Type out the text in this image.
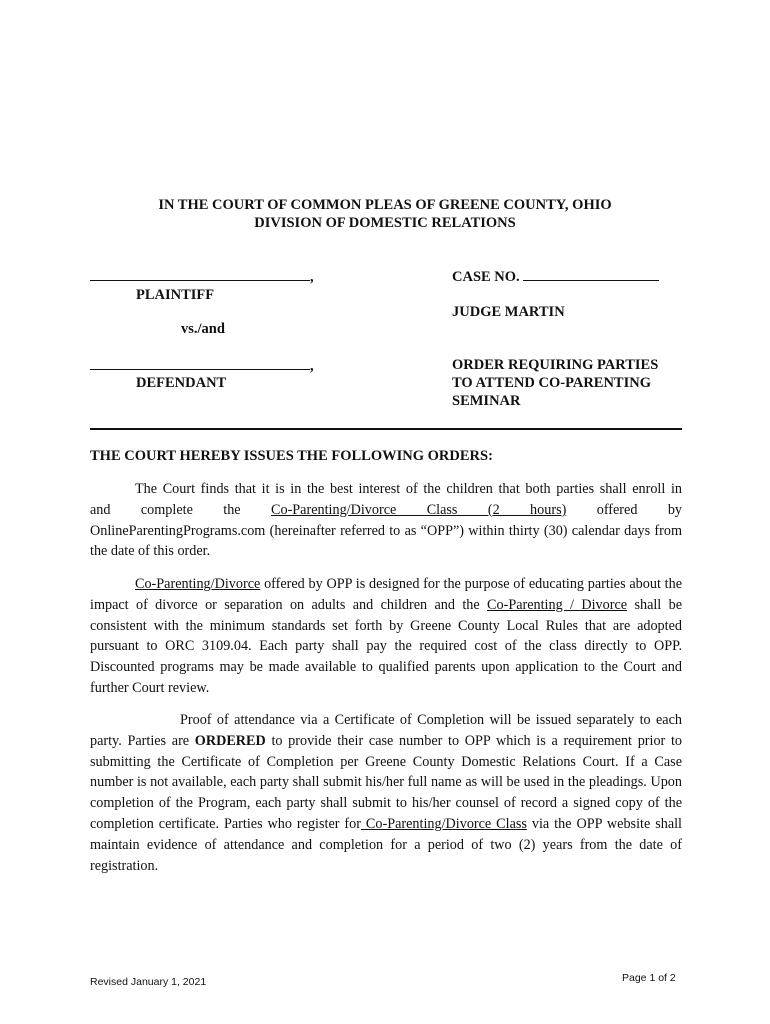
IN THE COURT OF COMMON PLEAS OF GREENE COUNTY, OHIO
DIVISION OF DOMESTIC RELATIONS
,
PLAINTIFF
vs./and
,
DEFENDANT
CASE NO.
JUDGE MARTIN
ORDER REQUIRING PARTIES
TO ATTEND CO-PARENTING
SEMINAR
THE COURT HEREBY ISSUES THE FOLLOWING ORDERS:

The Court finds that it is in the best interest of the children that both parties shall enroll in

and complete the Co-Parenting/Divorce Class (2 hours) offered by

OnlineParentingPrograms.com (hereinafter referred to as “OPP”) within thirty (30) calendar days from the date of this order.

Co-Parenting/Divorce offered by OPP is designed for the purpose of educating parties about the impact of divorce or separation on adults and children and the Co-Parenting / Divorce shall be consistent with the minimum standards set forth by Greene County Local Rules that are adopted pursuant to ORC 3109.04. Each party shall pay the required cost of the class directly to OPP. Discounted programs may be made available to qualified parents upon application to the Court and further Court review.

Proof of attendance via a Certificate of Completion will be issued separately to each party. Parties are ORDERED to provide their case number to OPP which is a requirement prior to submitting the Certificate of Completion per Greene County Domestic Relations Court. If a Case number is not available, each party shall submit his/her full name as will be used in the pleadings. Upon completion of the Program, each party shall submit to his/her counsel of record a signed copy of the completion certificate. Parties who register for Co-Parenting/Divorce Class via the OPP website shall maintain evidence of attendance and completion for a period of two (2) years from the date of registration.

Revised January 1, 2021	Page 1 of 2
